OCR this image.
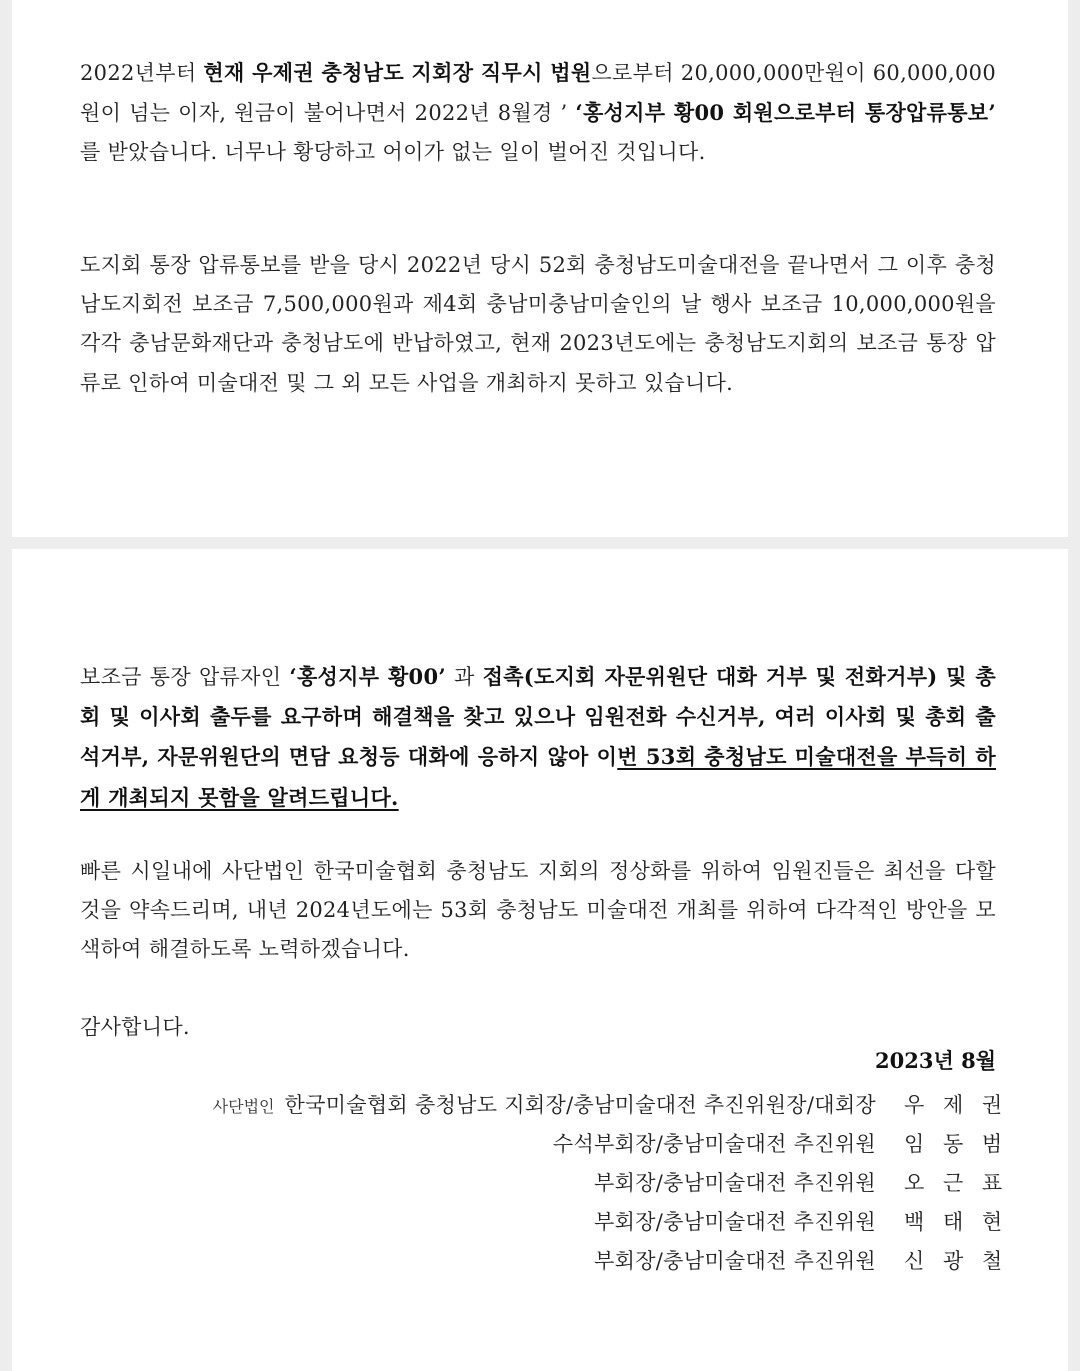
2022년부터 현재 우제권 충청남도 지회장 직무시 법원으로부터 20,000,000만원이 60,000,000원이 넘는 이자, 원금이 불어나면서 2022년 8월경 ’ ‘홍성지부 황00 회원으로부터 통장압류통보’ 를 받았습니다. 너무나 황당하고 어이가 없는 일이 벌어진 것입니다.

도지회 통장 압류통보를 받을 당시 2022년 당시 52회 충청남도미술대전을 끝나면서 그 이후 충청남도지회전 보조금 7,500,000원과 제4회 충남미충남미술인의 날 행사 보조금 10,000,000원을 각각 충남문화재단과 충청남도에 반납하였고, 현재 2023년도에는 충청남도지회의 보조금 통장 압류로 인하여 미술대전 및 그 외 모든 사업을 개최하지 못하고 있습니다.

보조금 통장 압류자인 ‘홍성지부 황00’ 과 접촉(도지회 자문위원단 대화 거부 및 전화거부) 및 총회 및 이사회 출두를 요구하며 해결책을 찾고 있으나 임원전화 수신거부, 여러 이사회 및 총회 출석거부, 자문위원단의 면담 요청등 대화에 응하지 않아 이번 53회 충청남도 미술대전을 부득히 하게 개최되지 못함을 알려드립니다.

빠른 시일내에 사단법인 한국미술협회 충청남도 지회의 정상화를 위하여 임원진들은 최선을 다할 것을 약속드리며, 내년 2024년도에는 53회 충청남도 미술대전 개최를 위하여 다각적인 방안을 모색하여 해결하도록 노력하겠습니다.

감사합니다.

2023년 8월
사단법인 한국미술협회 충청남도 지회장/충남미술대전 추진위원장/대회장 우 제 권
수석부회장/충남미술대전 추진위원 임 동 범
부회장/충남미술대전 추진위원 오 근 표
부회장/충남미술대전 추진위원 백 태 현
부회장/충남미술대전 추진위원 신 광 철
